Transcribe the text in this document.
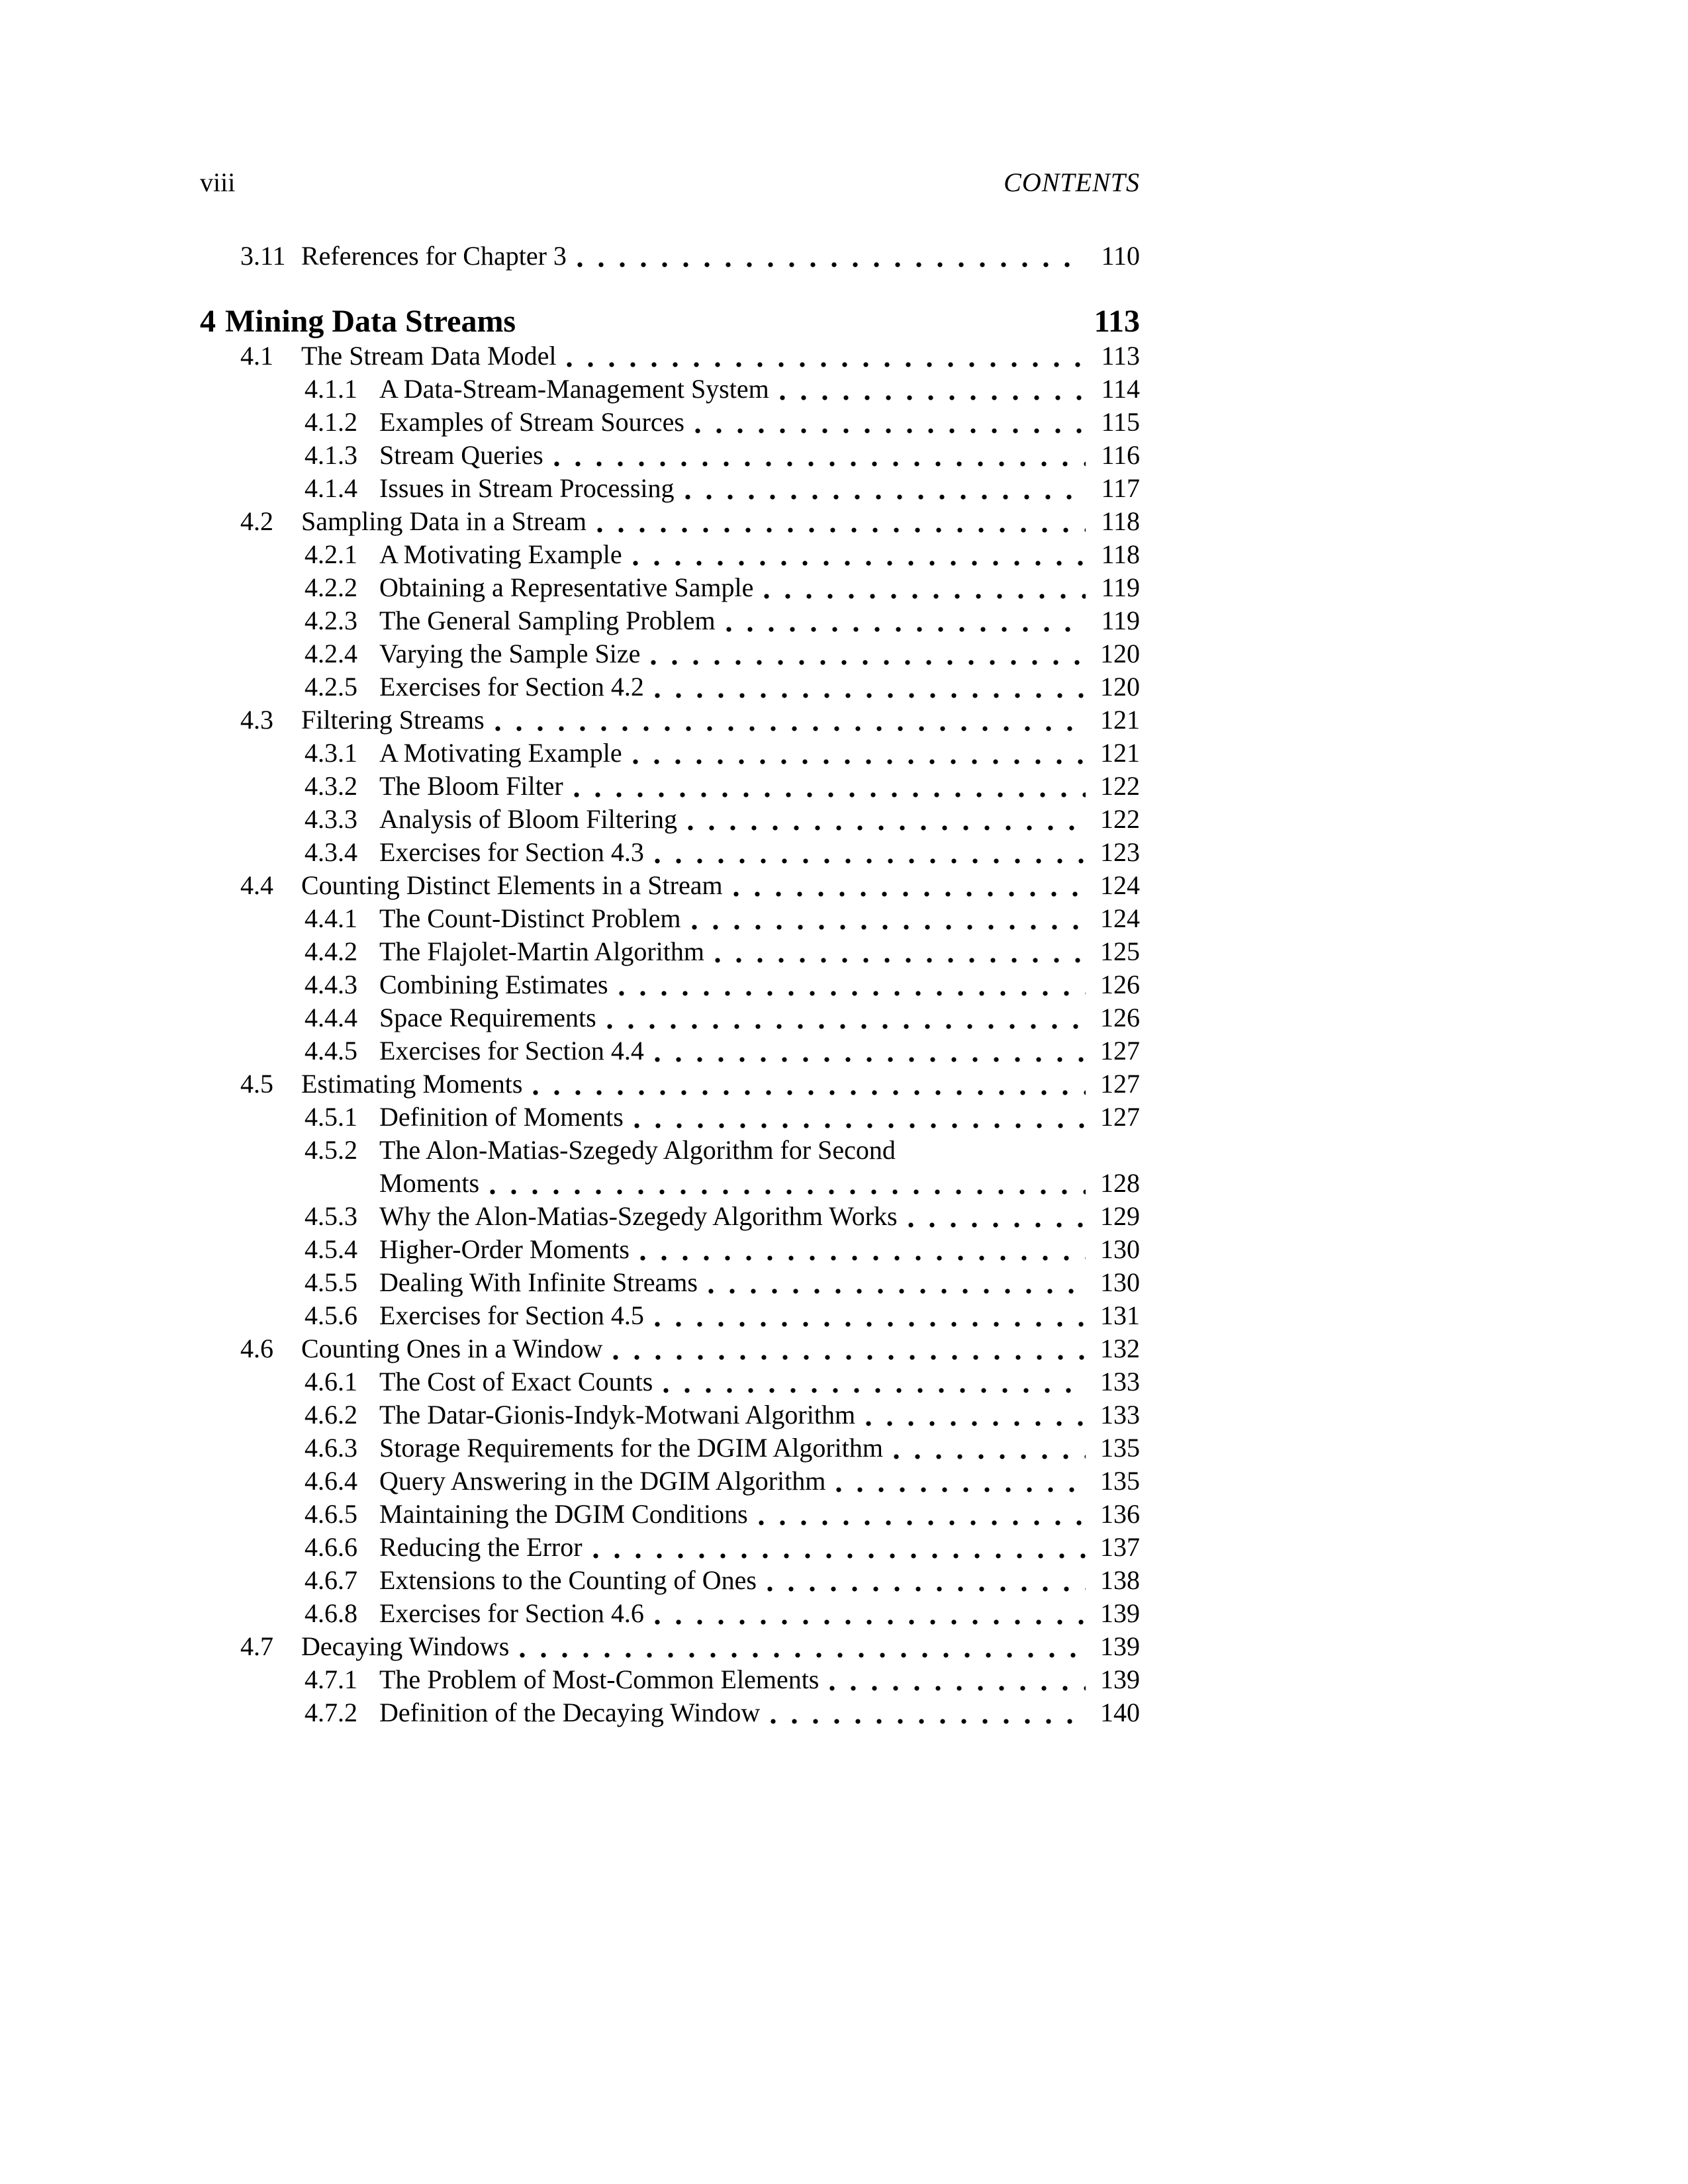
viii	CONTENTS
3.11 References for Chapter 3	110
4 Mining Data Streams	113
4.1	The Stream Data Model	113
4.1.1 A Data-Stream-Management System	114
4.1.2 Examples of Stream Sources	115
4.1.3 Stream Queries	116
4.1.4 Issues in Stream Processing	117
4.2	Sampling Data in a Stream	118
4.2.1 A Motivating Example	118
4.2.2 Obtaining a Representative Sample	119
4.2.3 The General Sampling Problem	119
4.2.4 Varying the Sample Size	120
4.2.5 Exercises for Section 4.2	120
4.3	Filtering Streams	121
4.3.1 A Motivating Example	121
4.3.2 The Bloom Filter	122
4.3.3 Analysis of Bloom Filtering	122
4.3.4 Exercises for Section 4.3	123
4.4	Counting Distinct Elements in a Stream	124
4.4.1 The Count-Distinct Problem	124
4.4.2 The Flajolet-Martin Algorithm	125
4.4.3 Combining Estimates	126
4.4.4 Space Requirements	126
4.4.5 Exercises for Section 4.4	127
4.5	Estimating Moments	127
4.5.1 Definition of Moments	127
4.5.2 The Alon-Matias-Szegedy Algorithm for Second
Moments	128
4.5.3 Why the Alon-Matias-Szegedy Algorithm Works	129
4.5.4 Higher-Order Moments	130
4.5.5 Dealing With Infinite Streams	130
4.5.6 Exercises for Section 4.5	131
4.6	Counting Ones in a Window	132
4.6.1 The Cost of Exact Counts	133
4.6.2 The Datar-Gionis-Indyk-Motwani Algorithm	133
4.6.3 Storage Requirements for the DGIM Algorithm	135
4.6.4 Query Answering in the DGIM Algorithm	135
4.6.5 Maintaining the DGIM Conditions	136
4.6.6 Reducing the Error	137
4.6.7 Extensions to the Counting of Ones	138
4.6.8 Exercises for Section 4.6	139
4.7	Decaying Windows	139
4.7.1 The Problem of Most-Common Elements	139
4.7.2 Definition of the Decaying Window	140
